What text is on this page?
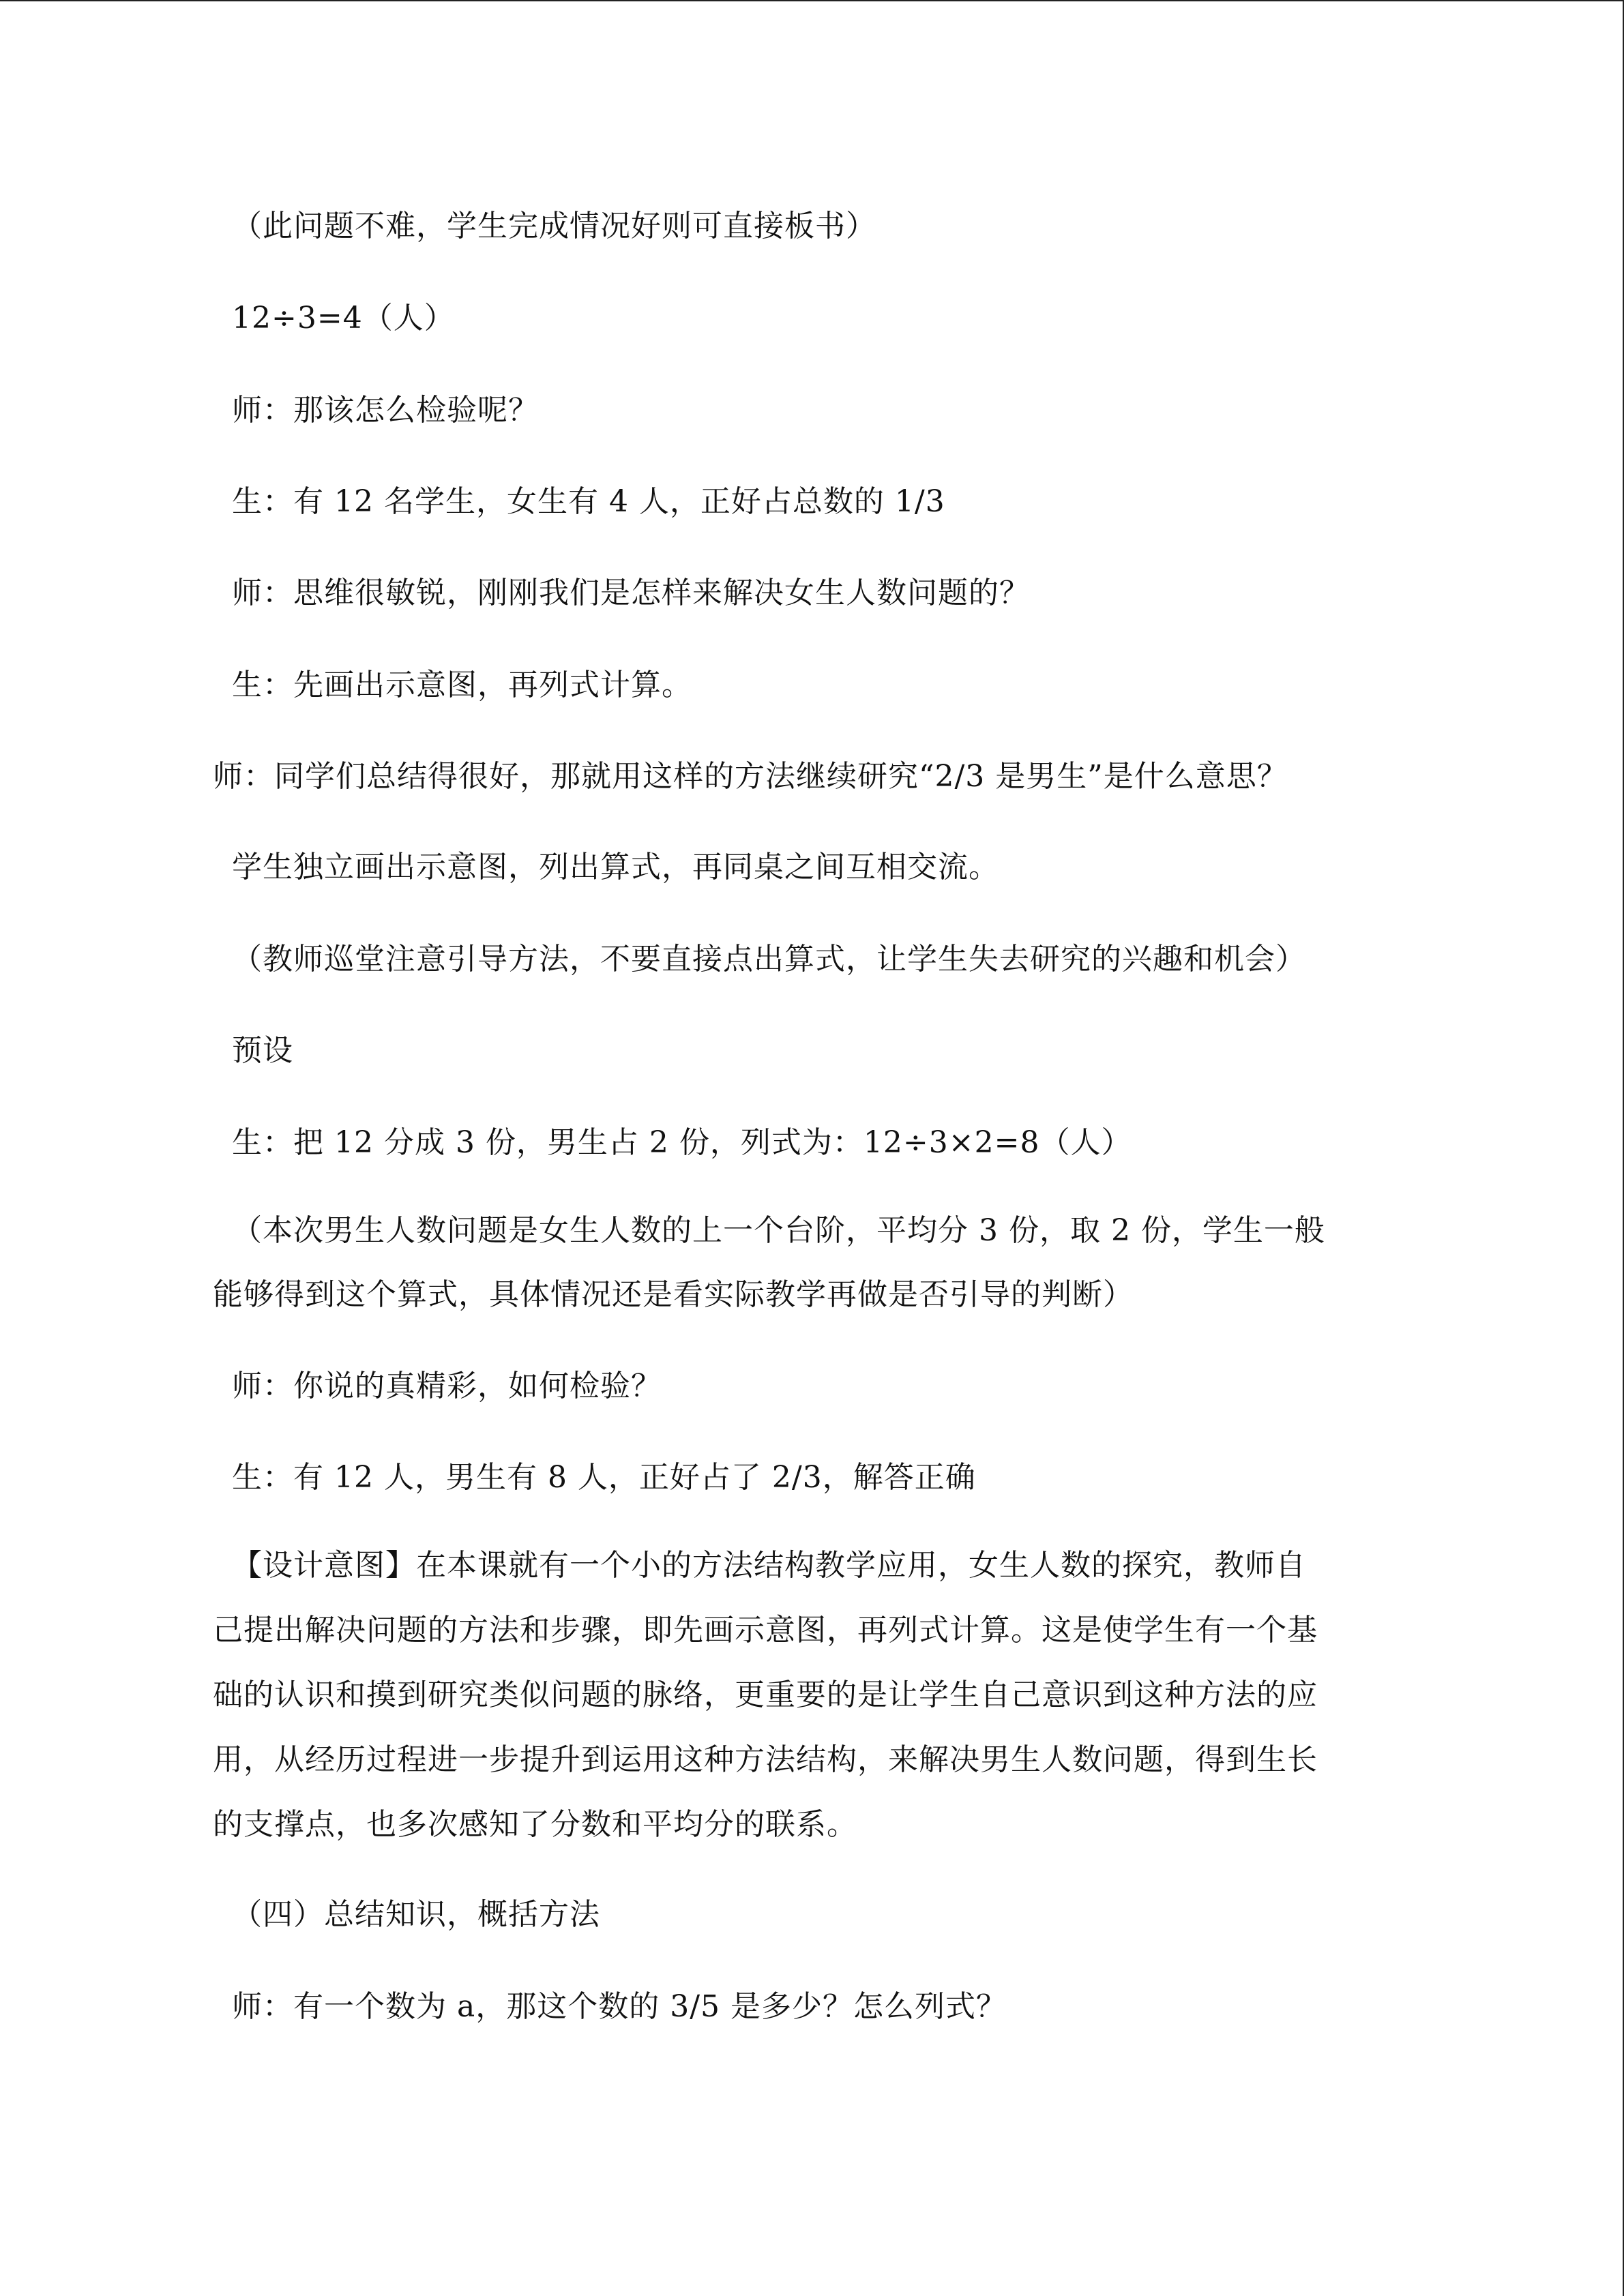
（此问题不难，学生完成情况好则可直接板书）
12÷3=4（人）
师：那该怎么检验呢？
生：有 12 名学生，女生有 4 人，正好占总数的 1/3
师：思维很敏锐，刚刚我们是怎样来解决女生人数问题的？
生：先画出示意图，再列式计算。
师：同学们总结得很好，那就用这样的方法继续研究“2/3 是男生”是什么意思？
学生独立画出示意图，列出算式，再同桌之间互相交流。
（教师巡堂注意引导方法，不要直接点出算式，让学生失去研究的兴趣和机会）
预设
生：把 12 分成 3 份，男生占 2 份，列式为：12÷3×2=8（人）
（本次男生人数问题是女生人数的上一个台阶，平均分 3 份，取 2 份，学生一般
能够得到这个算式，具体情况还是看实际教学再做是否引导的判断）
师：你说的真精彩，如何检验？
生：有 12 人，男生有 8 人，正好占了 2/3，解答正确
【设计意图】在本课就有一个小的方法结构教学应用，女生人数的探究，教师自
己提出解决问题的方法和步骤，即先画示意图，再列式计算。这是使学生有一个基
础的认识和摸到研究类似问题的脉络，更重要的是让学生自己意识到这种方法的应
用，从经历过程进一步提升到运用这种方法结构，来解决男生人数问题，得到生长
的支撑点，也多次感知了分数和平均分的联系。
（四）总结知识，概括方法
师：有一个数为 a，那这个数的 3/5 是多少？怎么列式？
